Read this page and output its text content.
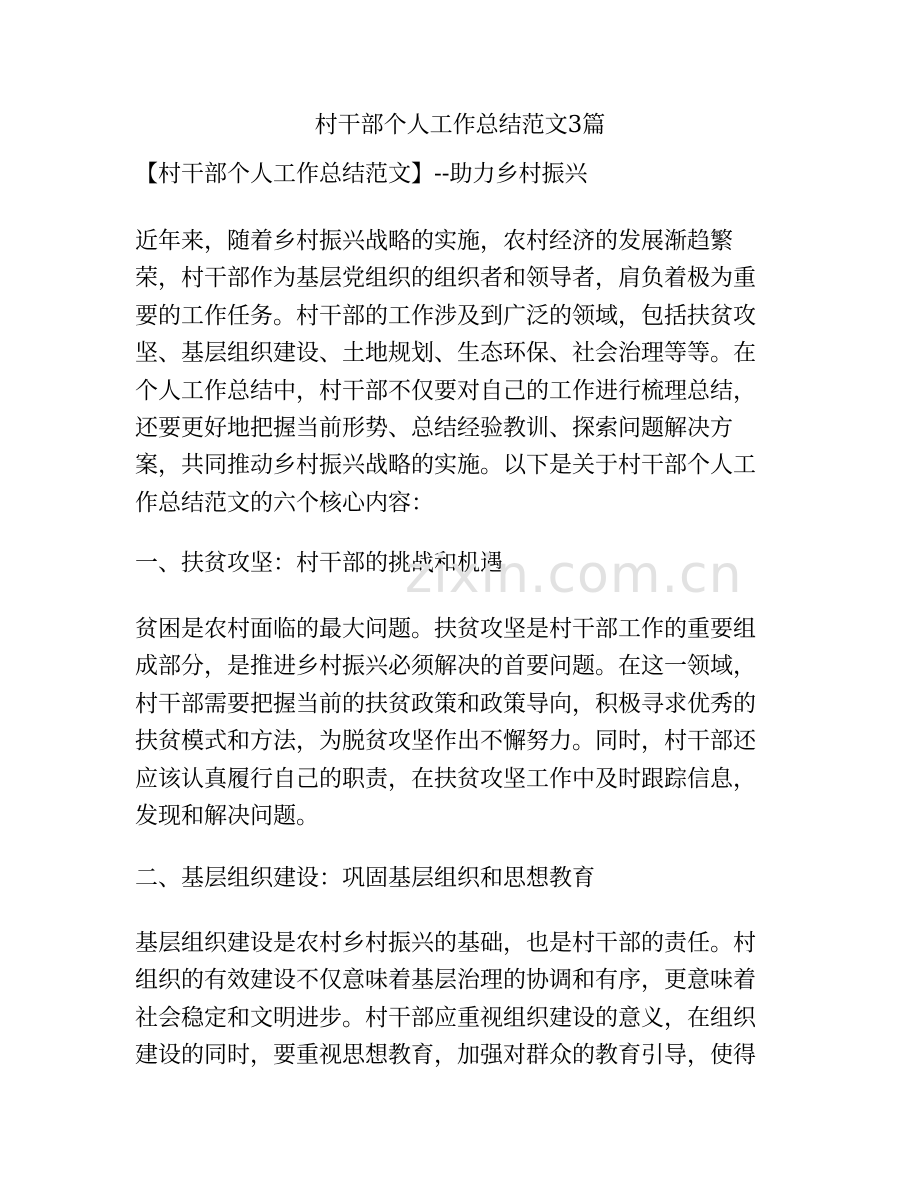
村干部个人工作总结范文3篇
【村干部个人工作总结范文】--助力乡村振兴
近年来，随着乡村振兴战略的实施，农村经济的发展渐趋繁
荣，村干部作为基层党组织的组织者和领导者，肩负着极为重
要的工作任务。村干部的工作涉及到广泛的领域，包括扶贫攻
坚、基层组织建设、土地规划、生态环保、社会治理等等。在
个人工作总结中，村干部不仅要对自己的工作进行梳理总结，
还要更好地把握当前形势、总结经验教训、探索问题解决方
案，共同推动乡村振兴战略的实施。以下是关于村干部个人工
作总结范文的六个核心内容：
一、扶贫攻坚：村干部的挑战和机遇
贫困是农村面临的最大问题。扶贫攻坚是村干部工作的重要组
成部分，是推进乡村振兴必须解决的首要问题。在这一领域，
村干部需要把握当前的扶贫政策和政策导向，积极寻求优秀的
扶贫模式和方法，为脱贫攻坚作出不懈努力。同时，村干部还
应该认真履行自己的职责，在扶贫攻坚工作中及时跟踪信息，
发现和解决问题。
二、基层组织建设：巩固基层组织和思想教育
基层组织建设是农村乡村振兴的基础，也是村干部的责任。村
组织的有效建设不仅意味着基层治理的协调和有序，更意味着
社会稳定和文明进步。村干部应重视组织建设的意义，在组织
建设的同时，要重视思想教育，加强对群众的教育引导，使得
zixin.com.cn
